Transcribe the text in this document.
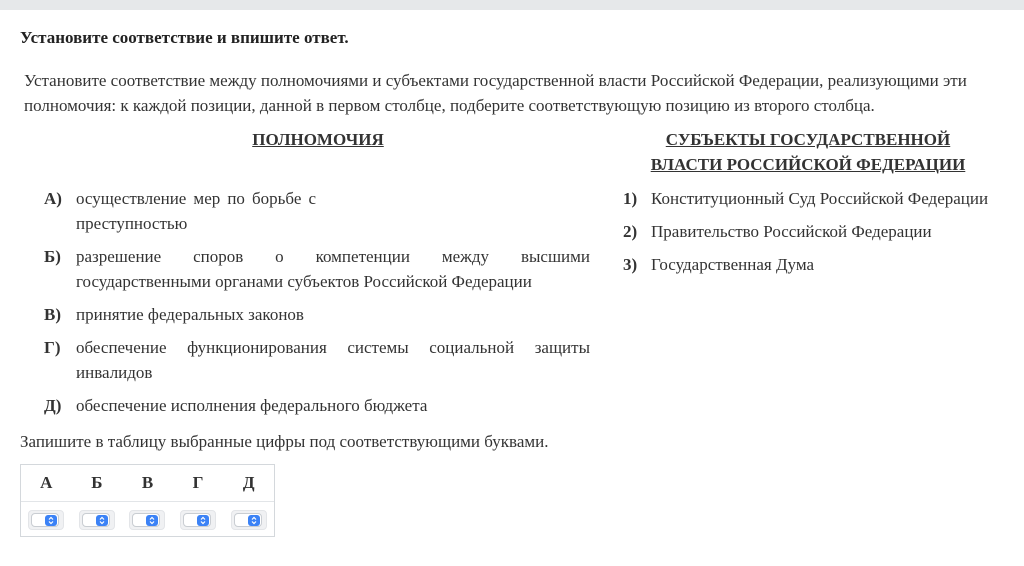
Установите соответствие и впишите ответ.
Установите соответствие между полномочиями и субъектами государственной власти Российской Федерации, реализующими эти полномочия: к каждой позиции, данной в первом столбце, подберите соответствующую позицию из второго столбца.
ПОЛНОМОЧИЯ	СУБЪЕКТЫ ГОСУДАРСТВЕННОЙ
ВЛАСТИ РОССИЙСКОЙ ФЕДЕРАЦИИ
А) осуществление мер по борьбе с преступностью
Б) разрешение споров о компетенции между высшими государственными органами субъектов Российской Федерации
В) принятие федеральных законов
Г) обеспечение функционирования системы социальной защиты инвалидов
Д) обеспечение исполнения федерального бюджета
1) Конституционный Суд Российской Федерации
2) Правительство Российской Федерации
3) Государственная Дума
Запишите в таблицу выбранные цифры под соответствующими буквами.
А	Б	В	Г	Д
